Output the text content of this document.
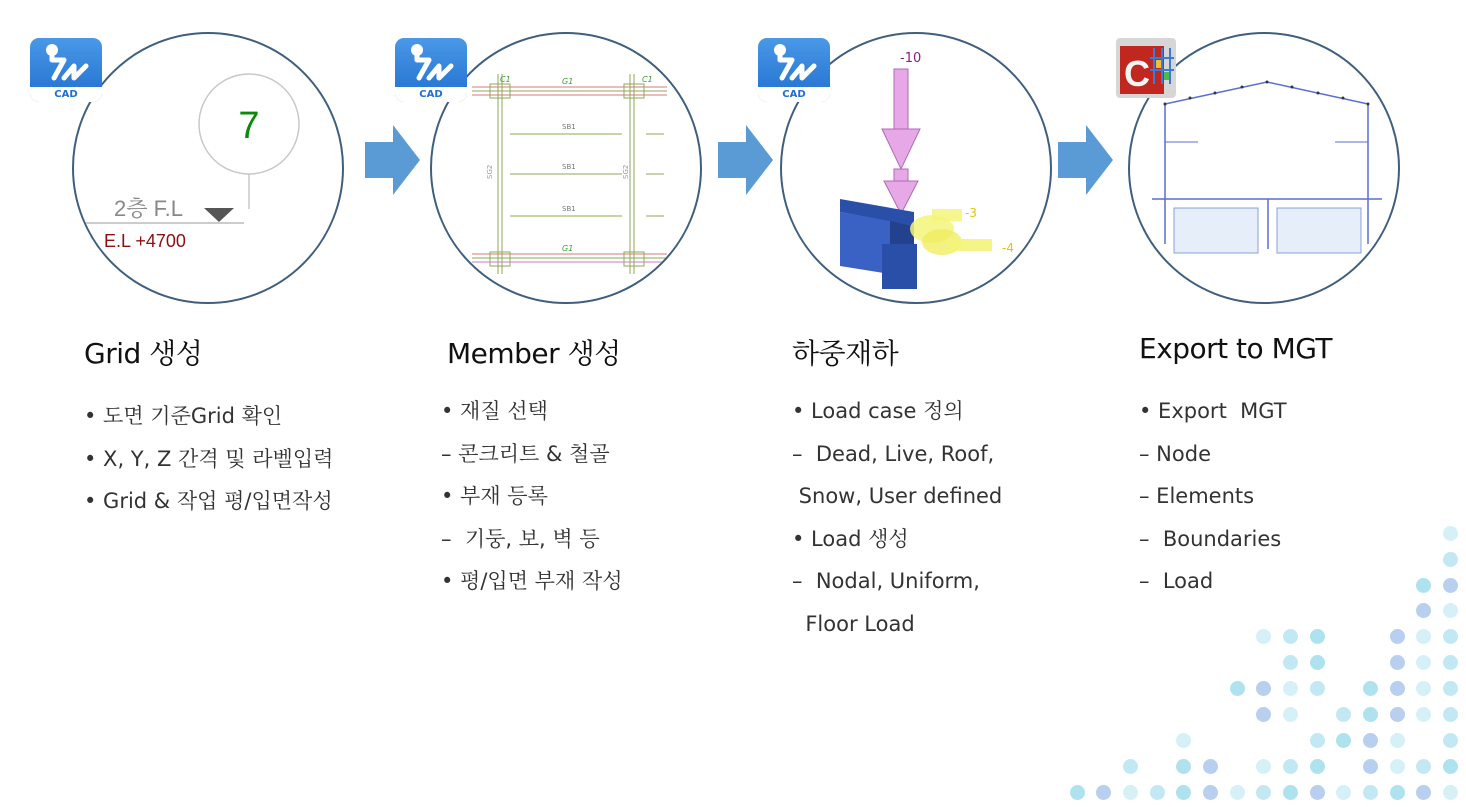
7
2층 F.L
E.L +4700
CAD
Grid 생성
• 도면 기준Grid 확인
• X, Y, Z 간격 및 라벨입력
• Grid & 작업 평/입면작성
C1	C1
G1
G1
SB1
SB1
SB1
SG2	SG2
CAD
Member 생성
• 재질 선택
– 콘크리트 & 철골
• 부재 등록
–  기둥, 보, 벽 등
• 평/입면 부재 작성
-10
-3
-4
CAD
하중재하
• Load case 정의
–  Dead, Live, Roof,
Snow, User defined
• Load 생성
–  Nodal, Uniform,
Floor Load
C
Export to MGT
• Export  MGT
– Node
– Elements
–  Boundaries
–  Load
